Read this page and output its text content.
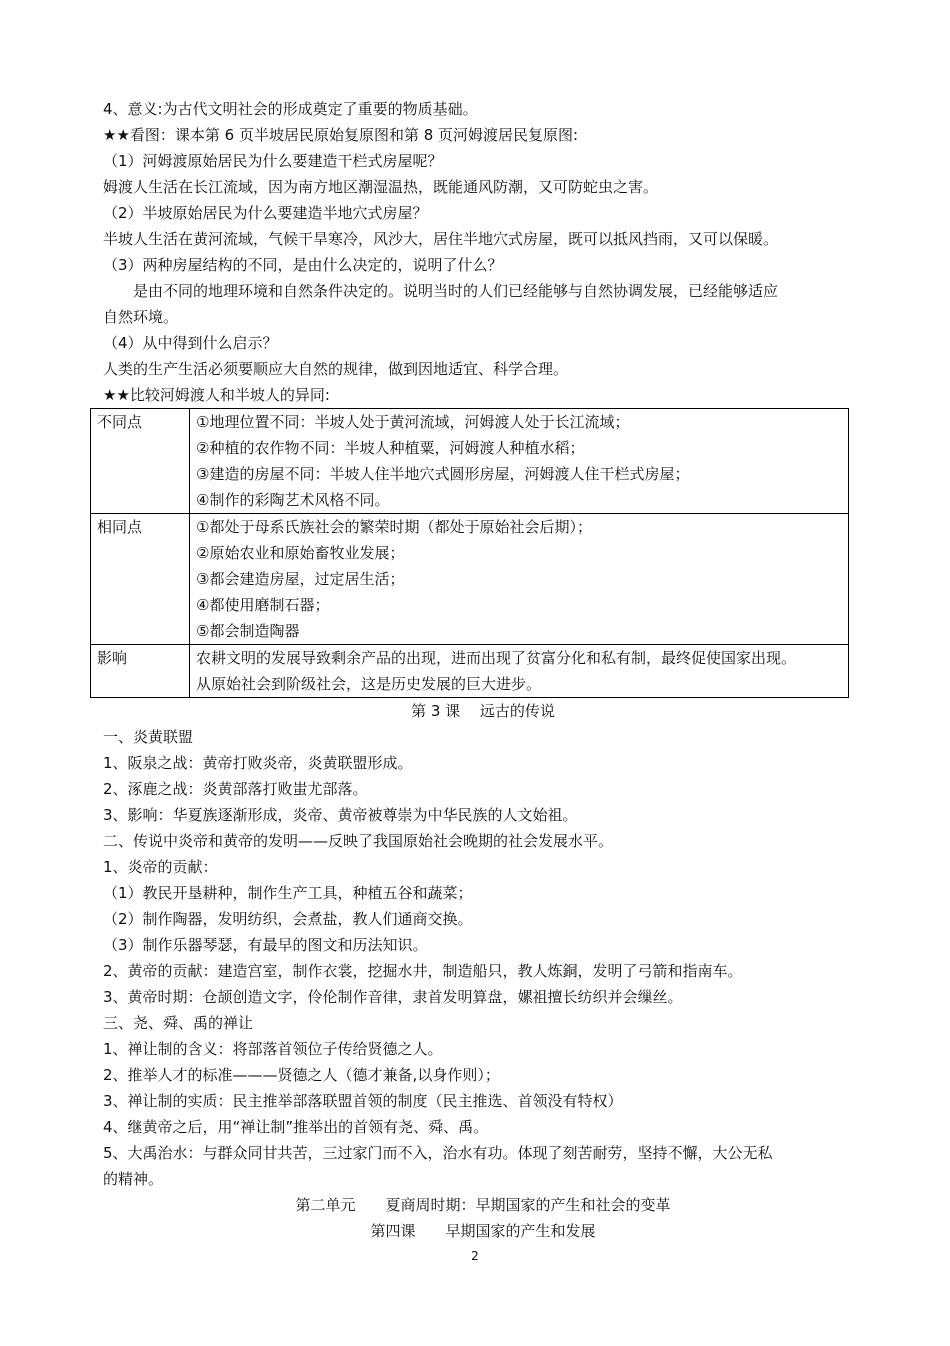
4、意义:为古代文明社会的形成奠定了重要的物质基础。
★★看图：课本第 6 页半坡居民原始复原图和第 8 页河姆渡居民复原图:
（1）河姆渡原始居民为什么要建造干栏式房屋呢？
姆渡人生活在长江流域，因为南方地区潮湿温热，既能通风防潮，又可防蛇虫之害。
（2）半坡原始居民为什么要建造半地穴式房屋？
半坡人生活在黄河流域，气候干旱寒冷，风沙大，居住半地穴式房屋，既可以抵风挡雨，又可以保暖。
（3）两种房屋结构的不同，是由什么决定的，说明了什么？
是由不同的地理环境和自然条件决定的。说明当时的人们已经能够与自然协调发展，已经能够适应
自然环境。
（4）从中得到什么启示？
人类的生产生活必须要顺应大自然的规律，做到因地适宜、科学合理。
★★比较河姆渡人和半坡人的异同:
不同点	①地理位置不同：半坡人处于黄河流域，河姆渡人处于长江流域；
②种植的农作物不同：半坡人种植粟，河姆渡人种植水稻；
③建造的房屋不同：半坡人住半地穴式圆形房屋，河姆渡人住干栏式房屋；
④制作的彩陶艺术风格不同。

相同点	①都处于母系氏族社会的繁荣时期（都处于原始社会后期）；
②原始农业和原始畜牧业发展；
③都会建造房屋，过定居生活；
④都使用磨制石器；
⑤都会制造陶器

影响	农耕文明的发展导致剩余产品的出现，进而出现了贫富分化和私有制，最终促使国家出现。
从原始社会到阶级社会，这是历史发展的巨大进步。
第 3 课　 远古的传说
一、炎黄联盟
1、阪泉之战：黄帝打败炎帝，炎黄联盟形成。
2、涿鹿之战：炎黄部落打败蚩尤部落。
3、影响：华夏族逐渐形成，炎帝、黄帝被尊崇为中华民族的人文始祖。
二、传说中炎帝和黄帝的发明——反映了我国原始社会晚期的社会发展水平。
1、炎帝的贡献：
（1）教民开垦耕种，制作生产工具，种植五谷和蔬菜；
（2）制作陶器，发明纺织，会煮盐，教人们通商交换。
（3）制作乐器琴瑟，有最早的图文和历法知识。
2、黄帝的贡献：建造宫室，制作衣裳，挖掘水井，制造船只，教人炼銅，发明了弓箭和指南车。
3、黄帝时期：仓颉创造文字，伶伦制作音律，隶首发明算盘，嫘祖擅长纺织并会缫丝。
三、尧、舜、禹的禅让
1、禅让制的含义：将部落首领位子传给贤德之人。
2、推举人才的标准———贤德之人（德才兼备,以身作则）；
3、禅让制的实质：民主推举部落联盟首领的制度（民主推选、首领没有特权）
4、继黄帝之后，用“禅让制”推举出的首领有尧、舜、禹。
5、大禹治水：与群众同甘共苦，三过家门而不入，治水有功。体现了刻苦耐劳，坚持不懈，大公无私
的精神。
第二单元　　夏商周时期：早期国家的产生和社会的变革
第四课　　早期国家的产生和发展
2
